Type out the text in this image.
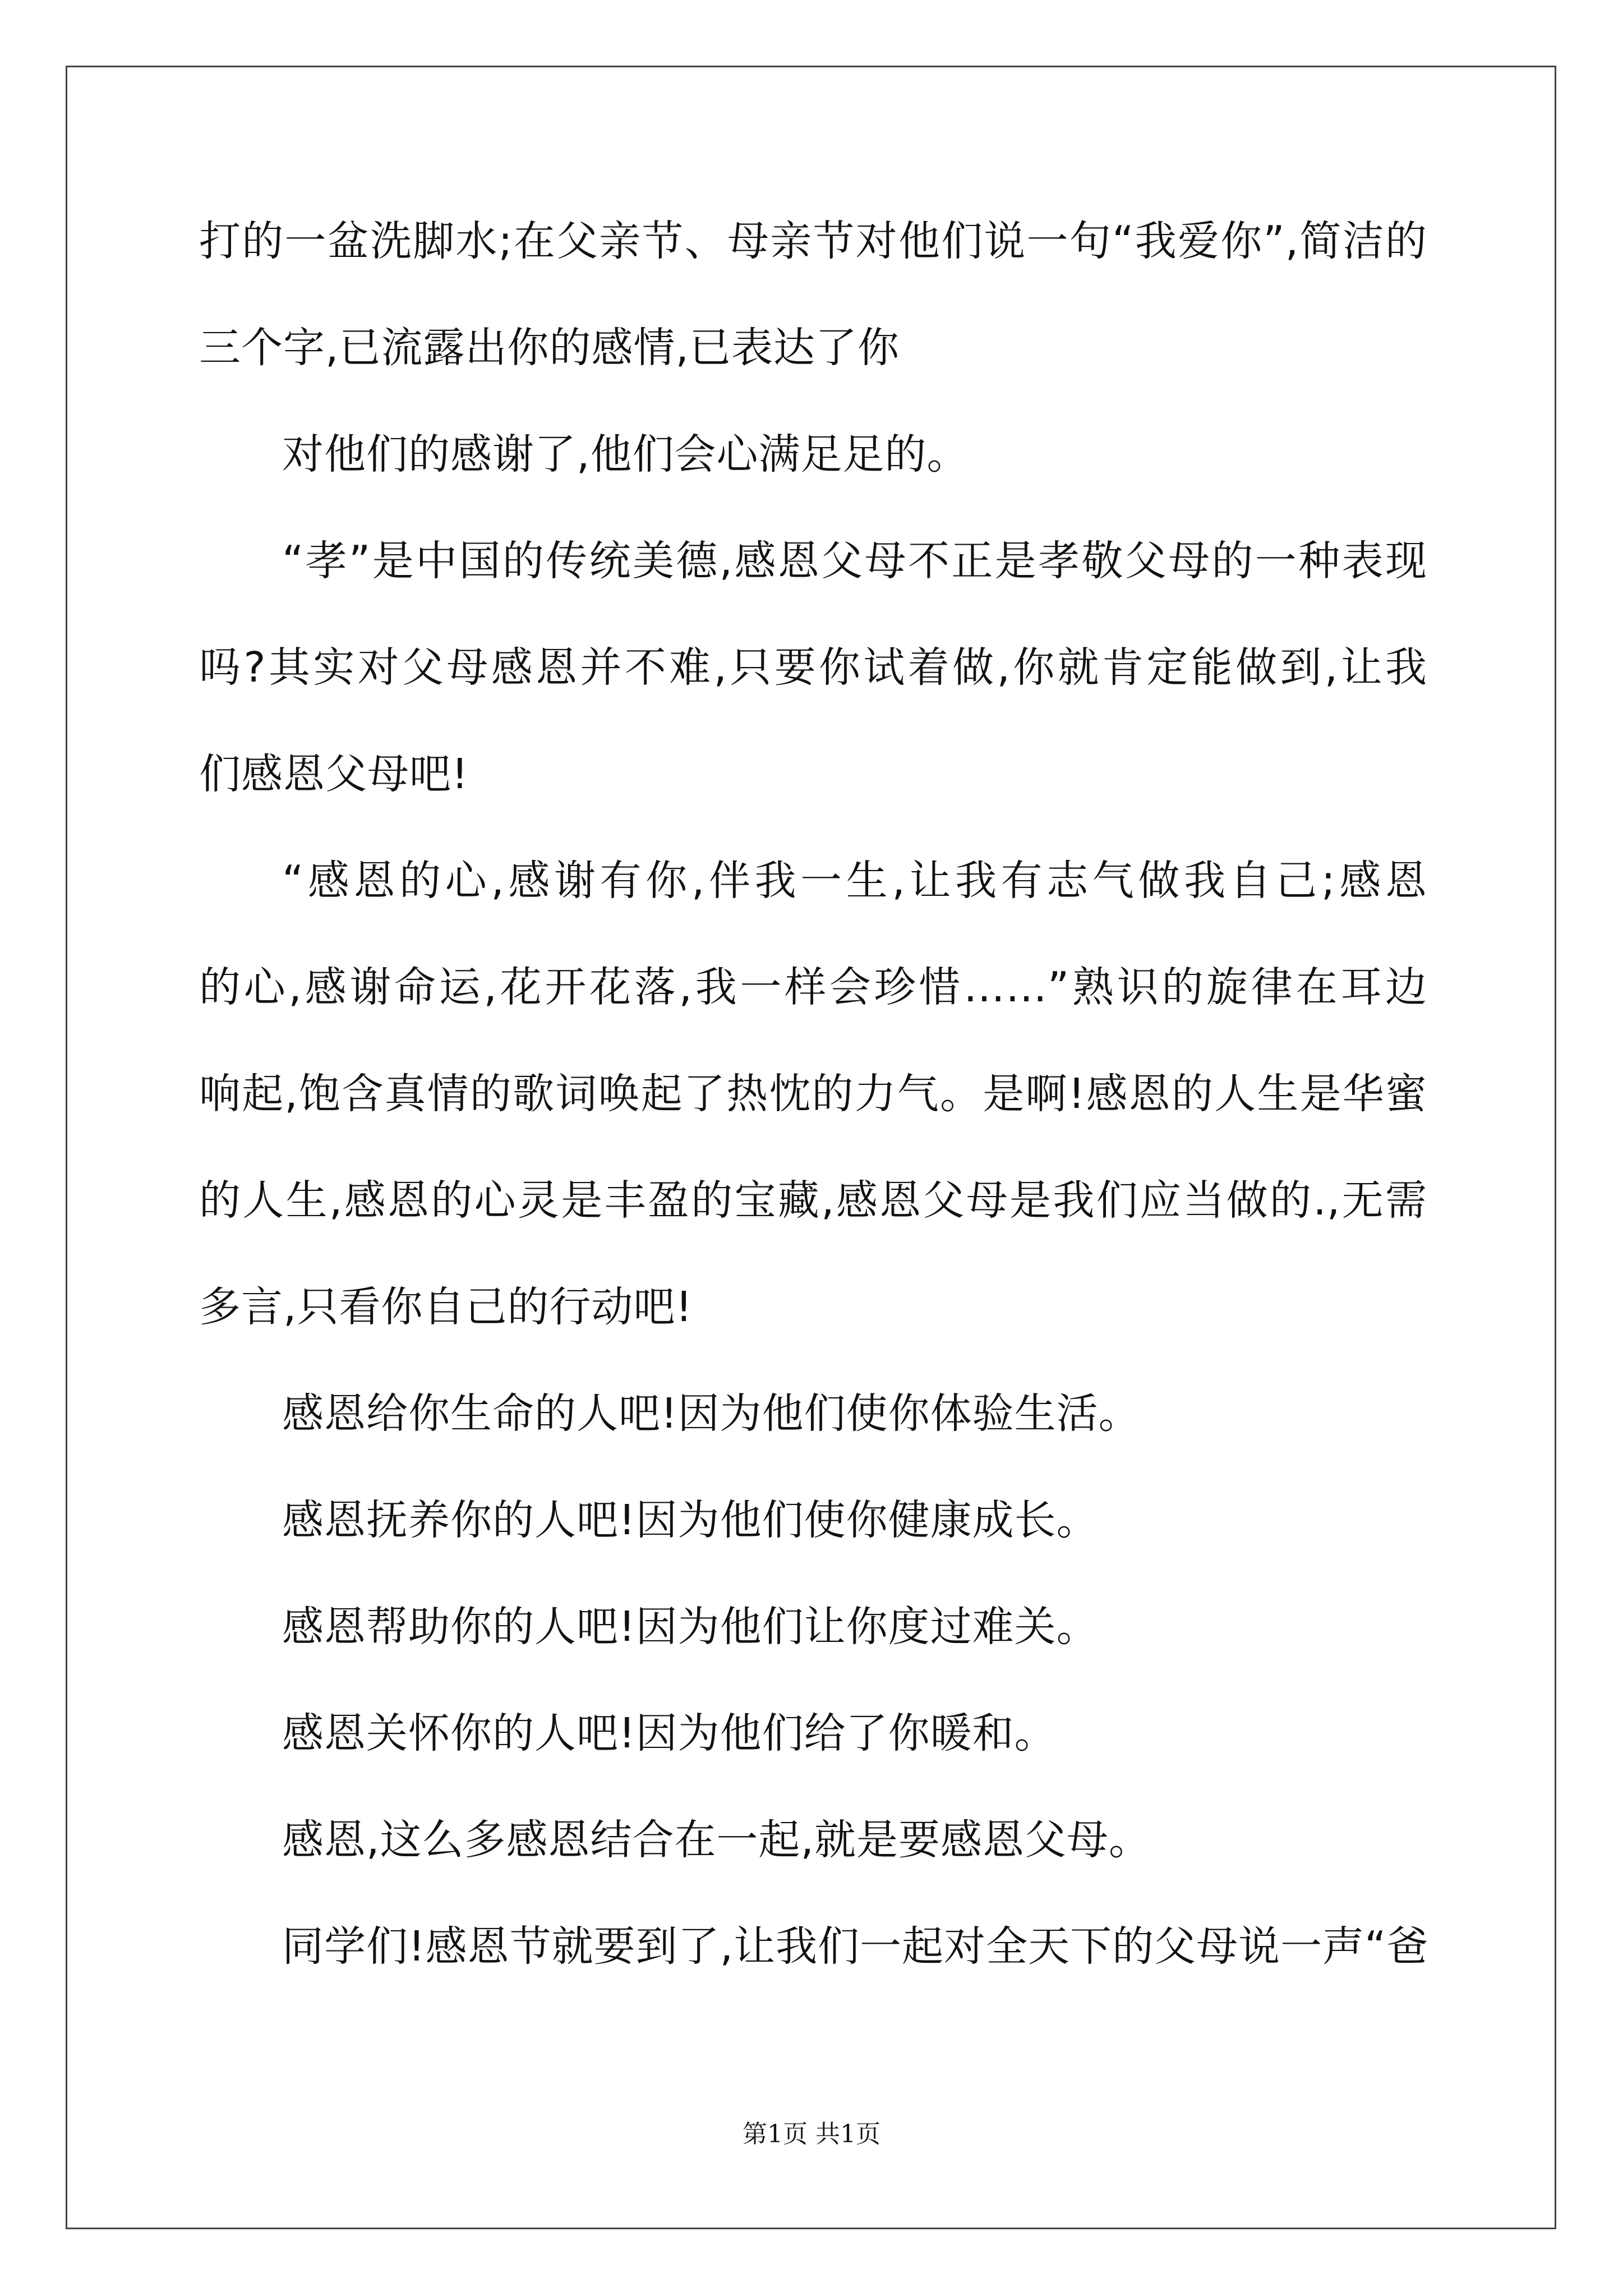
打的一盆洗脚水;在父亲节、母亲节对他们说一句“我爱你”,简洁的
三个字,已流露出你的感情,已表达了你
对他们的感谢了,他们会心满足足的。
“孝”是中国的传统美德,感恩父母不正是孝敬父母的一种表现
吗?其实对父母感恩并不难,只要你试着做,你就肯定能做到,让我
们感恩父母吧!
“感恩的心,感谢有你,伴我一生,让我有志气做我自己;感恩
的心,感谢命运,花开花落,我一样会珍惜……”熟识的旋律在耳边
响起,饱含真情的歌词唤起了热忱的力气。是啊!感恩的人生是华蜜
的人生,感恩的心灵是丰盈的宝藏,感恩父母是我们应当做的.,无需
多言,只看你自己的行动吧!
感恩给你生命的人吧!因为他们使你体验生活。
感恩抚养你的人吧!因为他们使你健康成长。
感恩帮助你的人吧!因为他们让你度过难关。
感恩关怀你的人吧!因为他们给了你暖和。
感恩,这么多感恩结合在一起,就是要感恩父母。
同学们!感恩节就要到了,让我们一起对全天下的父母说一声“爸
第1页 共1页
